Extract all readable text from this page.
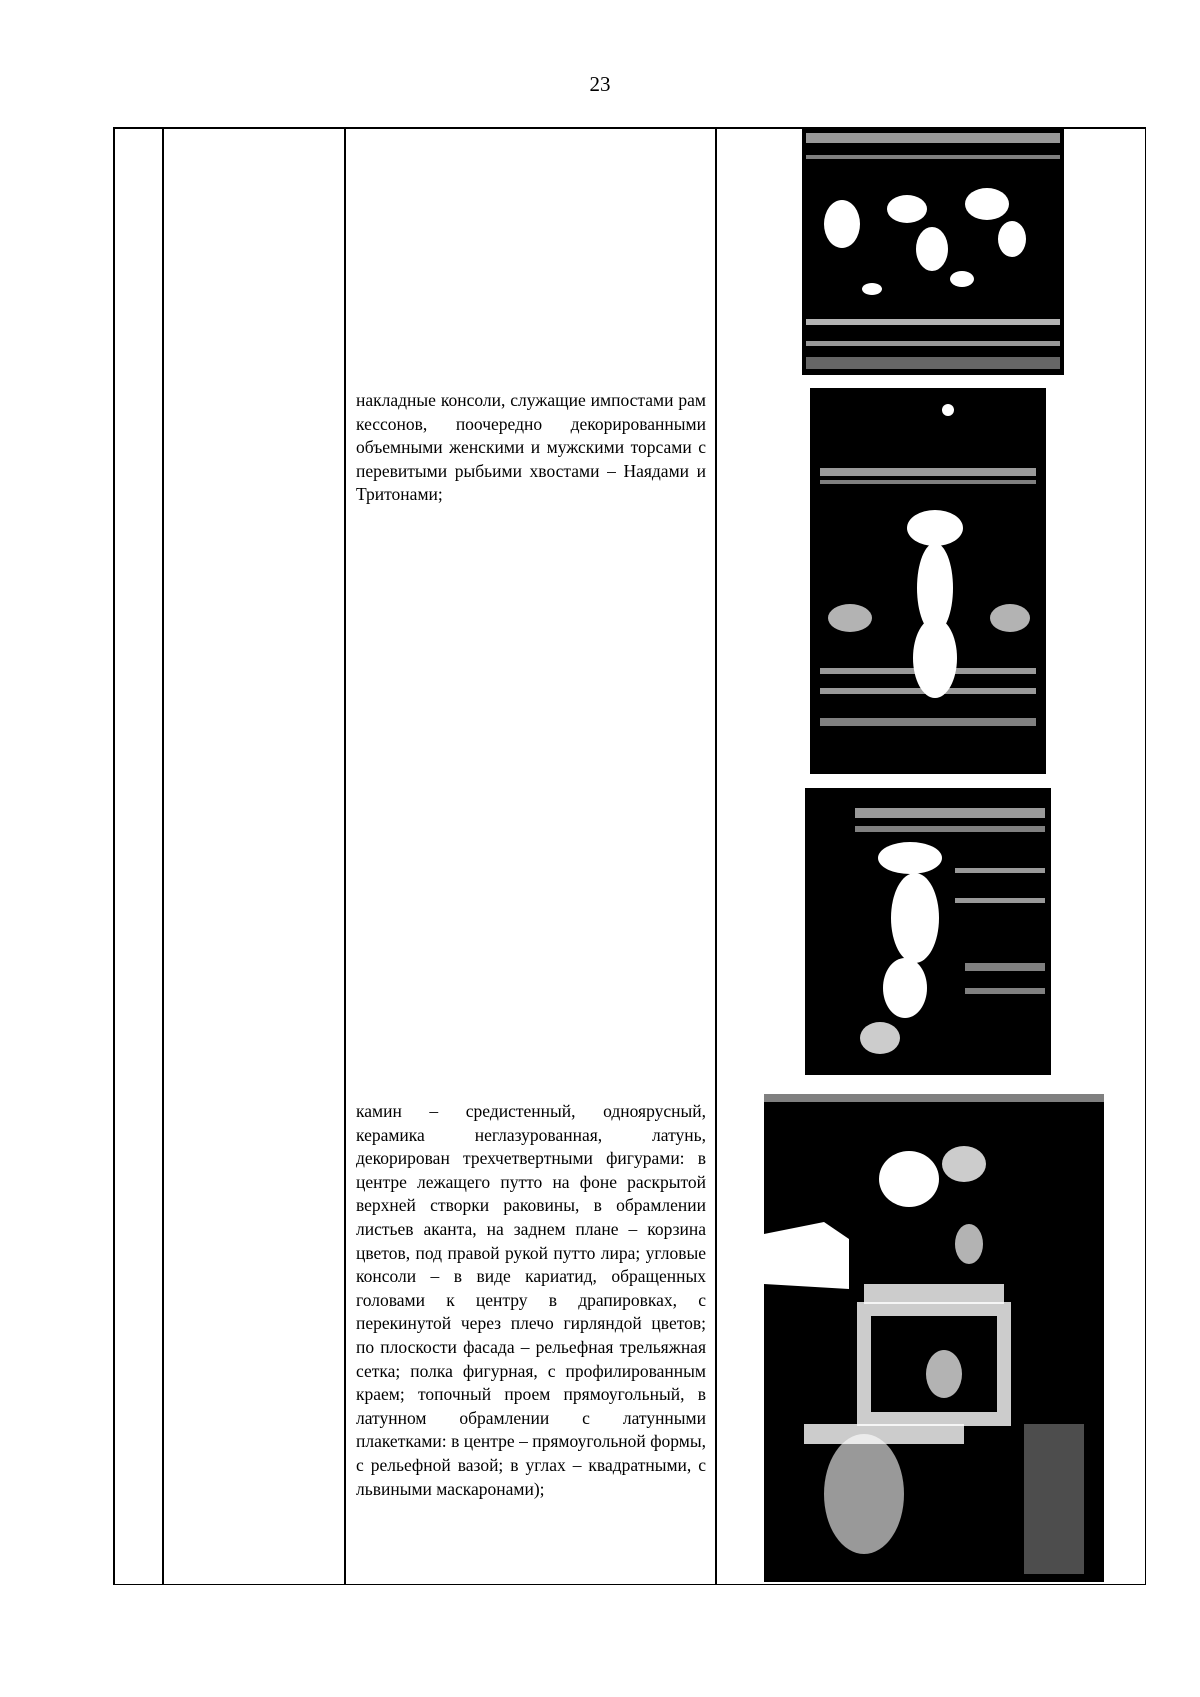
23
накладные консоли, служащие импостами рам кессонов, поочередно декорированными объемными женскими и мужскими торсами с перевитыми рыбьими хвостами – Наядами и Тритонами;
камин – средистенный, одноярусный, керамика неглазурованная, латунь, декорирован трехчетвертными фигурами: в центре лежащего путто на фоне раскрытой верхней створки раковины, в обрамлении листьев аканта, на заднем плане – корзина цветов, под правой рукой путто лира; угловые консоли – в виде кариатид, обращенных головами к центру в драпировках, с перекинутой через плечо гирляндой цветов; по плоскости фасада – рельефная трельяжная сетка; полка фигурная, с профилированным краем; топочный проем прямоугольный, в латунном обрамлении с латунными плакетками: в центре – прямоугольной формы, с рельефной вазой; в углах – квадратными, с львиными маскаронами);
